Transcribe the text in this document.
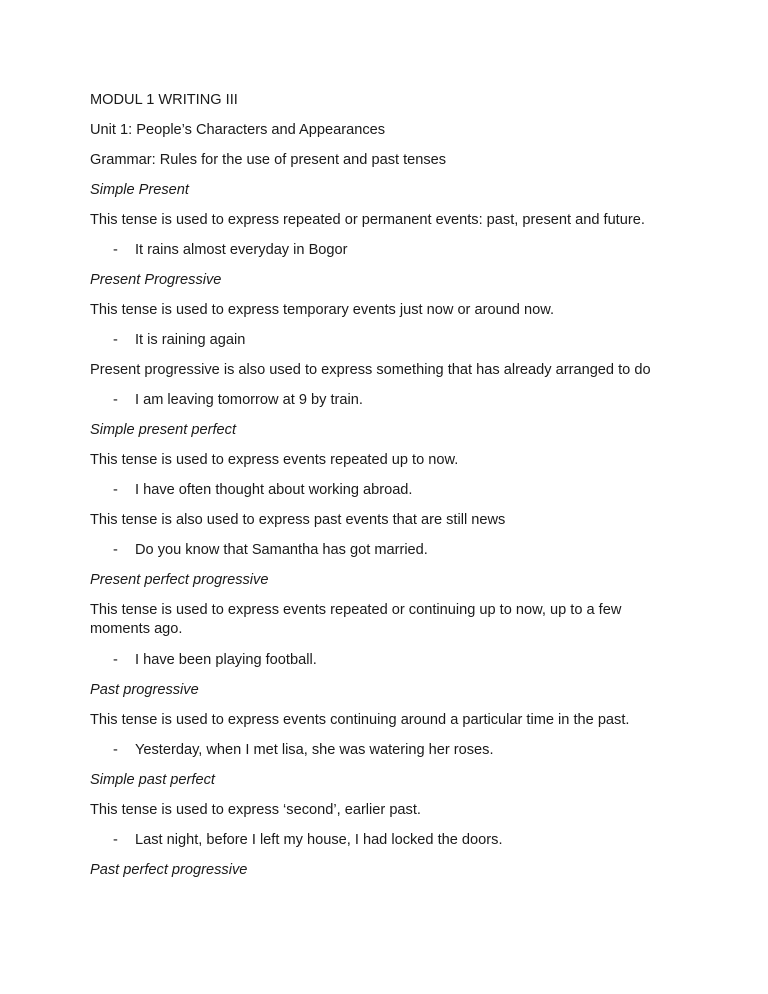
MODUL 1 WRITING III
Unit 1: People’s Characters and Appearances
Grammar: Rules for the use of present and past tenses
Simple Present
This tense is used to express repeated or permanent events: past, present and future.
- It rains almost everyday in Bogor
Present Progressive
This tense is used to express temporary events just now or around now.
- It is raining again
Present progressive is also used to express something that has already arranged to do
- I am leaving tomorrow at 9 by train.
Simple present perfect
This tense is used to express events repeated up to now.
- I have often thought about working abroad.
This tense is also used to express past events that are still news
- Do you know that Samantha has got married.
Present perfect progressive
This tense is used to express events repeated or continuing up to now, up to a few moments ago.
- I have been playing football.
Past progressive
This tense is used to express events continuing around a particular time in the past.
- Yesterday, when I met lisa, she was watering her roses.
Simple past perfect
This tense is used to express ‘second’, earlier past.
- Last night, before I left my house, I had locked the doors.
Past perfect progressive
